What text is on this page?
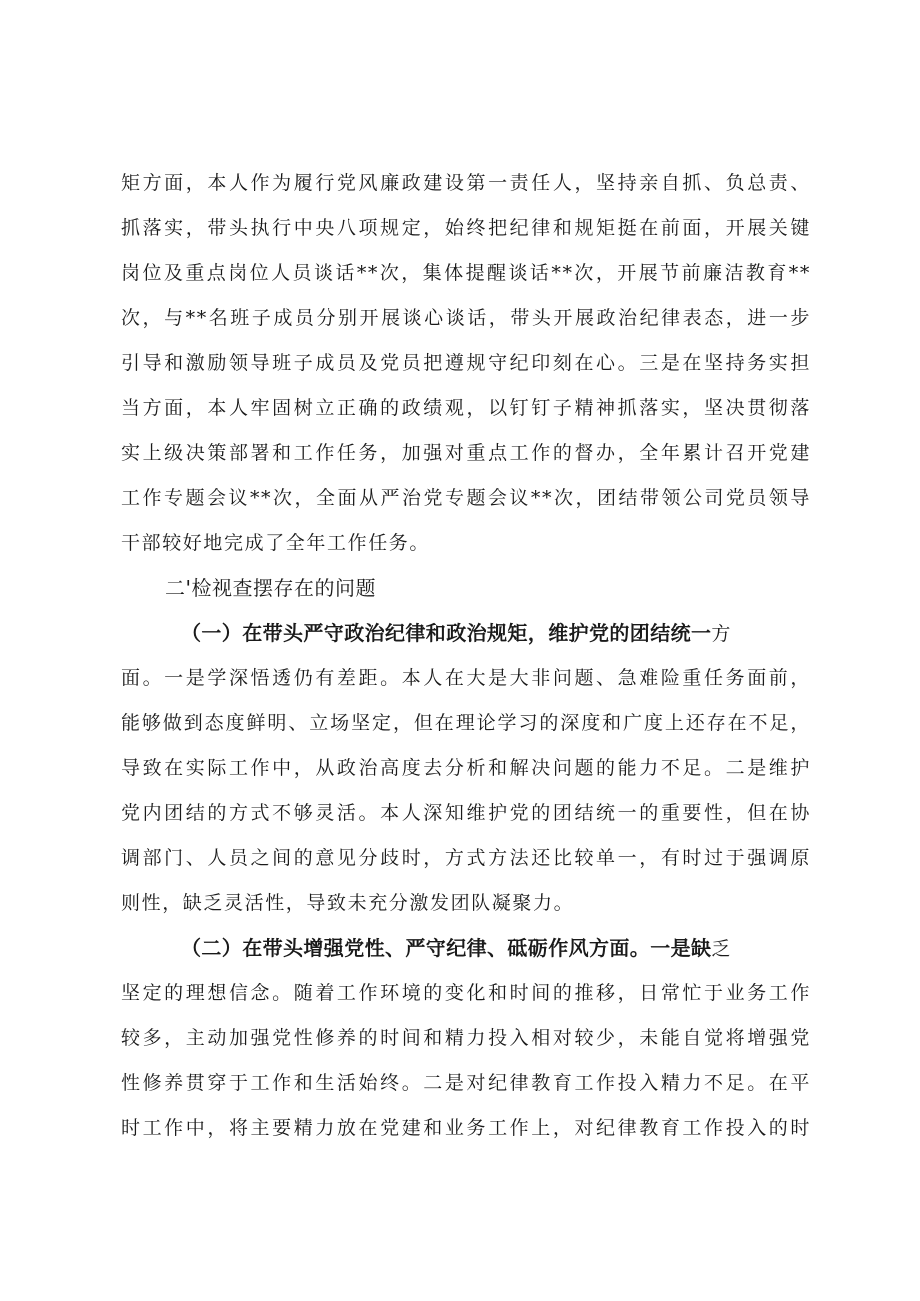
矩方面，本人作为履行党风廉政建设第一责任人，坚持亲自抓、负总责、
抓落实，带头执行中央八项规定，始终把纪律和规矩挺在前面，开展关键
岗位及重点岗位人员谈话**次，集体提醒谈话**次，开展节前廉洁教育**
次，与**名班子成员分别开展谈心谈话，带头开展政治纪律表态，进一步
引导和激励领导班子成员及党员把遵规守纪印刻在心。三是在坚持务实担
当方面，本人牢固树立正确的政绩观，以钉钉子精神抓落实，坚决贯彻落
实上级决策部署和工作任务，加强对重点工作的督办，全年累计召开党建
工作专题会议**次，全面从严治党专题会议**次，团结带领公司党员领导
干部较好地完成了全年工作任务。
二'检视查摆存在的问题
（一）在带头严守政治纪律和政治规矩，维护党的团结统一方
面。一是学深悟透仍有差距。本人在大是大非问题、急难险重任务面前，
能够做到态度鲜明、立场坚定，但在理论学习的深度和广度上还存在不足，
导致在实际工作中，从政治高度去分析和解决问题的能力不足。二是维护
党内团结的方式不够灵活。本人深知维护党的团结统一的重要性，但在协
调部门、人员之间的意见分歧时，方式方法还比较单一，有时过于强调原
则性，缺乏灵活性，导致未充分激发团队凝聚力。
（二）在带头增强党性、严守纪律、砥砺作风方面。一是缺乏
坚定的理想信念。随着工作环境的变化和时间的推移，日常忙于业务工作
较多，主动加强党性修养的时间和精力投入相对较少，未能自觉将增强党
性修养贯穿于工作和生活始终。二是对纪律教育工作投入精力不足。在平
时工作中，将主要精力放在党建和业务工作上，对纪律教育工作投入的时
